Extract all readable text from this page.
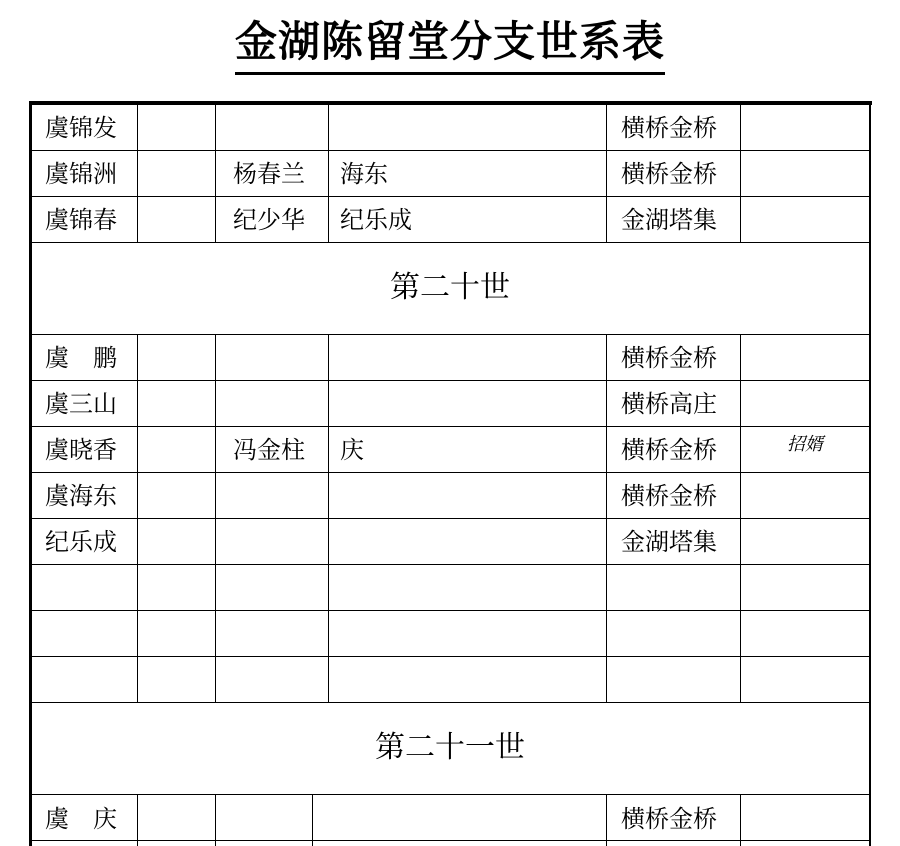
金湖陈留堂分支世系表
虞锦发	横桥金桥
虞锦洲	杨春兰	海东	横桥金桥
虞锦春	纪少华	纪乐成	金湖塔集
第二十世
虞　鹏	横桥金桥
虞三山	横桥高庄
虞晓香	冯金柱	庆	横桥金桥	招婿
虞海东	横桥金桥
纪乐成	金湖塔集
第二十一世
虞　庆	横桥金桥
